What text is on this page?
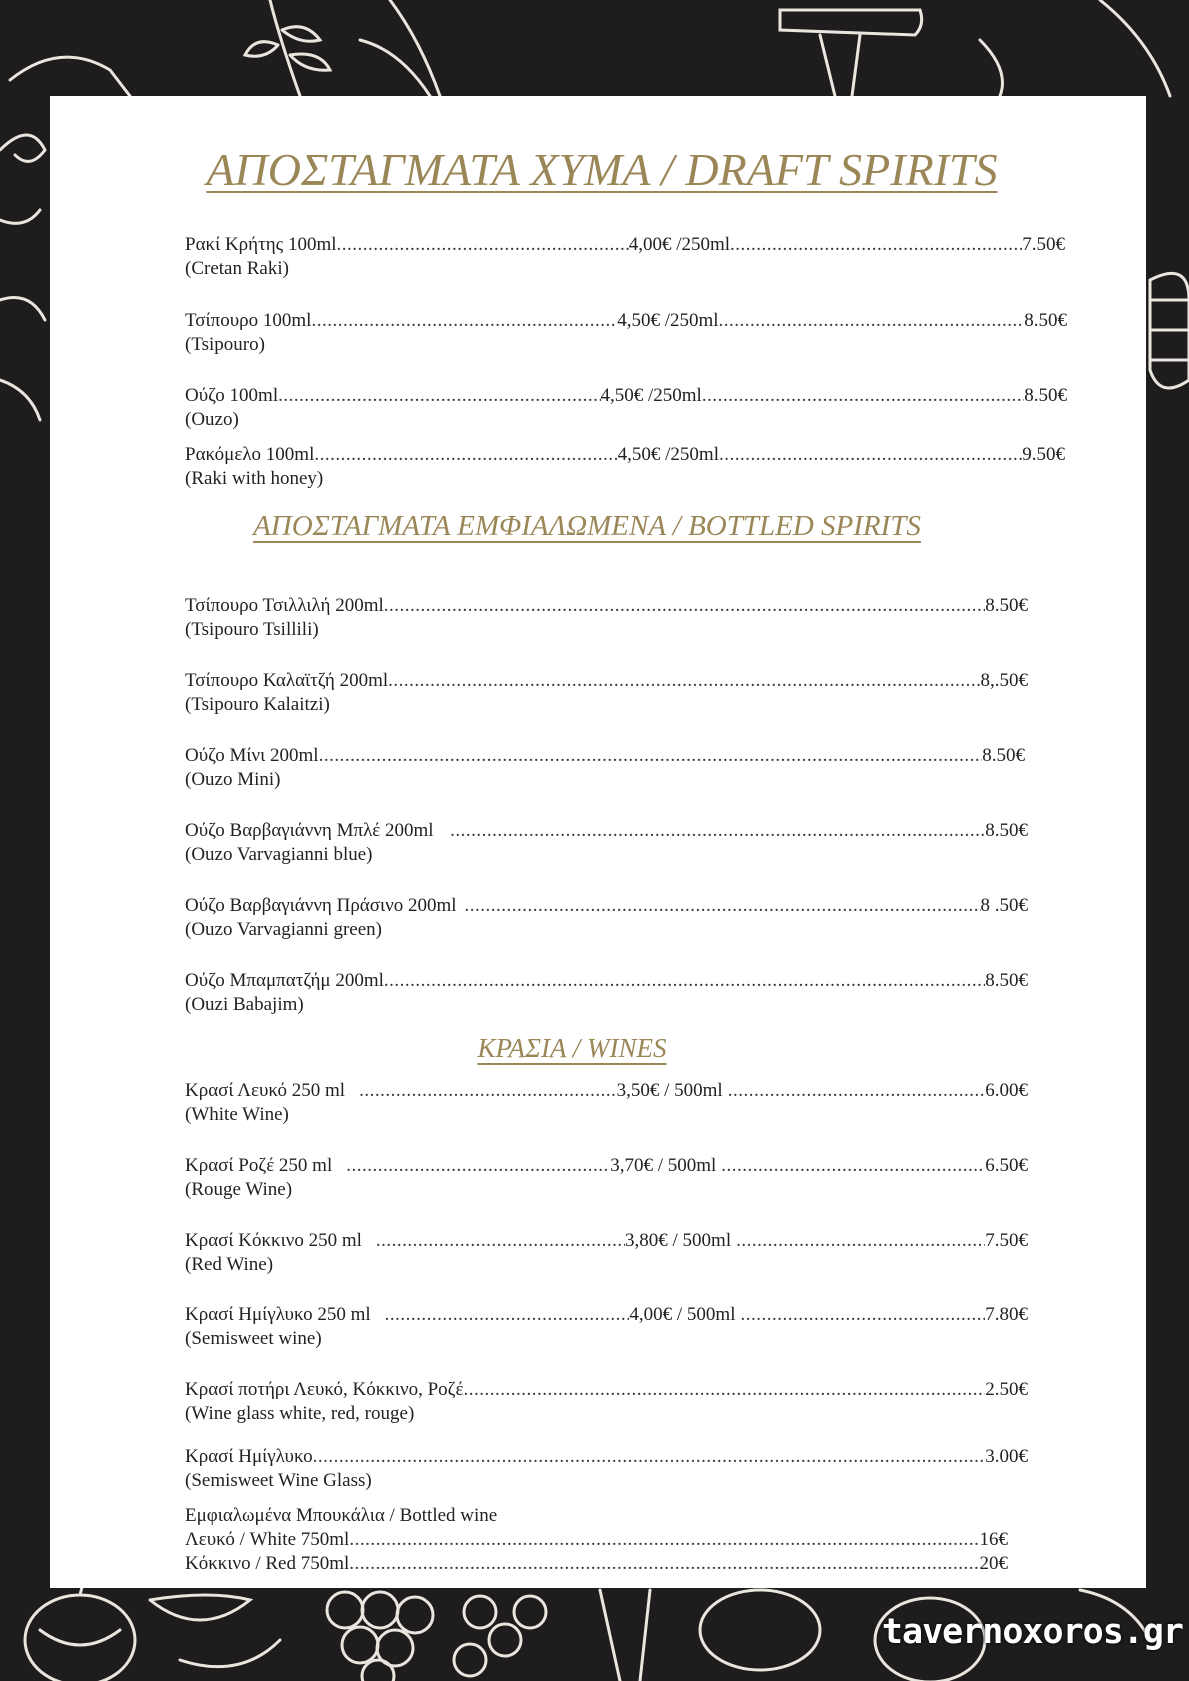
ΑΠΟΣΤΑΓΜΑΤΑ ΧΥΜΑ / DRAFT SPIRITS
Ρακί Κρήτης 100ml .....	4,00€ /250ml .....	7.50€
(Cretan Raki)
Τσίπουρο 100ml .....	4,50€ /250ml .....	8.50€
(Tsipouro)
Ούζο 100ml .....	4,50€ /250ml .....	8.50€
(Ouzo)
Ρακόμελο 100ml .....	4,50€ /250ml .....	9.50€
(Raki with honey)
ΑΠΟΣΤΑΓΜΑΤΑ ΕΜΦΙΑΛΩΜΕΝΑ / BOTTLED SPIRITS
Τσίπουρο Τσιλλιλή 200ml .....	8.50€
(Tsipouro Tsillili)
Τσίπουρο Καλαϊτζή 200ml .....	8,.50€
(Tsipouro Kalaitzi)
Ούζο Μίνι 200ml .....	8.50€
(Ouzo Mini)
Ούζο Βαρβαγιάννη Μπλέ 200ml .....	8.50€
(Ouzo Varvagianni blue)
Ούζο Βαρβαγιάννη Πράσινο 200ml .....	8 .50€
(Ouzo Varvagianni green)
Ούζο Μπαμπατζήμ 200ml .....	8.50€
(Ouzi Babajim)
ΚΡΑΣΙΑ / WINES
Κρασί Λευκό 250 ml .....	3,50€ / 500ml .....	6.00€
(White Wine)
Κρασί Ροζέ 250 ml .....	3,70€ / 500ml .....	6.50€
(Rouge Wine)
Κρασί Κόκκινο 250 ml .....	3,80€ / 500ml .....	7.50€
(Red Wine)
Κρασί Ημίγλυκο 250 ml .....	4,00€ / 500ml .....	7.80€
(Semisweet wine)
Κρασί ποτήρι Λευκό, Κόκκινο, Ροζέ .....	2.50€
(Wine glass white, red, rouge)
Κρασί Ημίγλυκο .....	3.00€
(Semisweet Wine Glass)
Εμφιαλωμένα Μπουκάλια / Bottled wine
Λευκό / White 750ml .....	16€
Κόκκινο / Red 750ml .....	20€
tavernoxoros.gr
